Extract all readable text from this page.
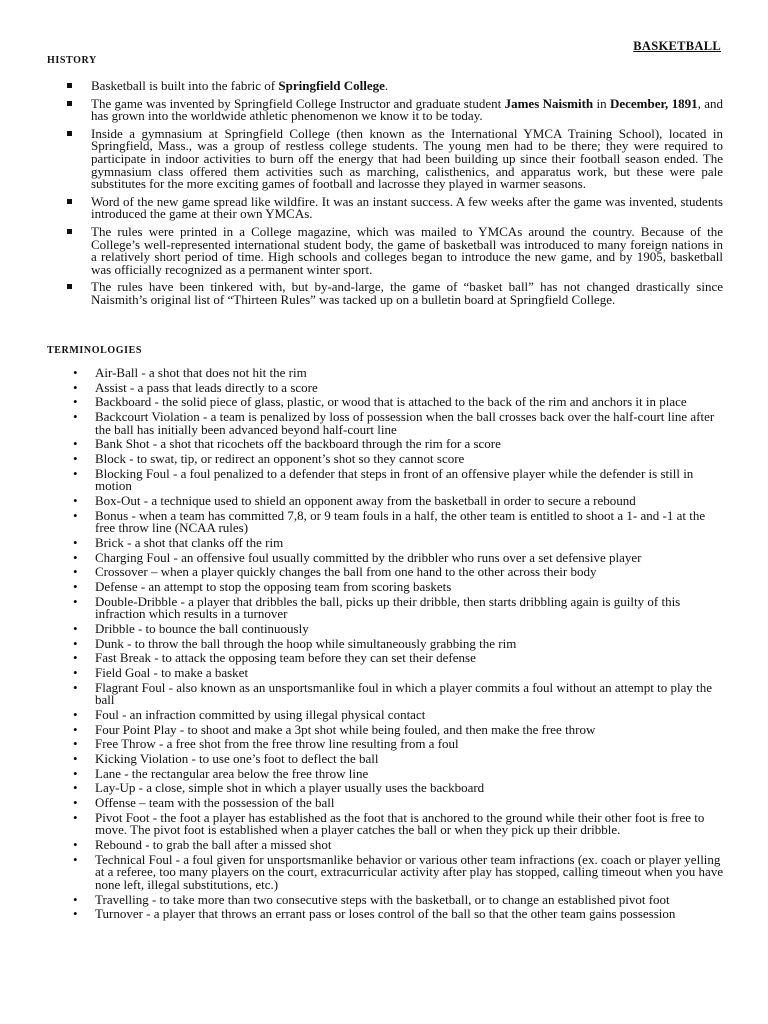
BASKETBALL
HISTORY
Basketball is built into the fabric of Springfield College.
The game was invented by Springfield College Instructor and graduate student James Naismith in December, 1891, and has grown into the worldwide athletic phenomenon we know it to be today.
Inside a gymnasium at Springfield College (then known as the International YMCA Training School), located in Springfield, Mass., was a group of restless college students. The young men had to be there; they were required to participate in indoor activities to burn off the energy that had been building up since their football season ended. The gymnasium class offered them activities such as marching, calisthenics, and apparatus work, but these were pale substitutes for the more exciting games of football and lacrosse they played in warmer seasons.
Word of the new game spread like wildfire. It was an instant success. A few weeks after the game was invented, students introduced the game at their own YMCAs.
The rules were printed in a College magazine, which was mailed to YMCAs around the country. Because of the College’s well-represented international student body, the game of basketball was introduced to many foreign nations in a relatively short period of time. High schools and colleges began to introduce the new game, and by 1905, basketball was officially recognized as a permanent winter sport.
The rules have been tinkered with, but by-and-large, the game of “basket ball” has not changed drastically since Naismith’s original list of “Thirteen Rules” was tacked up on a bulletin board at Springfield College.
TERMINOLOGIES
• Air-Ball - a shot that does not hit the rim
• Assist - a pass that leads directly to a score
• Backboard - the solid piece of glass, plastic, or wood that is attached to the back of the rim and anchors it in place
• Backcourt Violation - a team is penalized by loss of possession when the ball crosses back over the half-court line after the ball has initially been advanced beyond half-court line
• Bank Shot - a shot that ricochets off the backboard through the rim for a score
• Block - to swat, tip, or redirect an opponent’s shot so they cannot score
• Blocking Foul - a foul penalized to a defender that steps in front of an offensive player while the defender is still in motion
• Box-Out - a technique used to shield an opponent away from the basketball in order to secure a rebound
• Bonus - when a team has committed 7,8, or 9 team fouls in a half, the other team is entitled to shoot a 1- and -1 at the free throw line (NCAA rules)
• Brick - a shot that clanks off the rim
• Charging Foul - an offensive foul usually committed by the dribbler who runs over a set defensive player
• Crossover – when a player quickly changes the ball from one hand to the other across their body
• Defense - an attempt to stop the opposing team from scoring baskets
• Double-Dribble - a player that dribbles the ball, picks up their dribble, then starts dribbling again is guilty of this infraction which results in a turnover
• Dribble - to bounce the ball continuously
• Dunk - to throw the ball through the hoop while simultaneously grabbing the rim
• Fast Break - to attack the opposing team before they can set their defense
• Field Goal - to make a basket
• Flagrant Foul - also known as an unsportsmanlike foul in which a player commits a foul without an attempt to play the ball
• Foul - an infraction committed by using illegal physical contact
• Four Point Play - to shoot and make a 3pt shot while being fouled, and then make the free throw
• Free Throw - a free shot from the free throw line resulting from a foul
• Kicking Violation - to use one’s foot to deflect the ball
• Lane - the rectangular area below the free throw line
• Lay-Up - a close, simple shot in which a player usually uses the backboard
• Offense – team with the possession of the ball
• Pivot Foot - the foot a player has established as the foot that is anchored to the ground while their other foot is free to move. The pivot foot is established when a player catches the ball or when they pick up their dribble.
• Rebound - to grab the ball after a missed shot
• Technical Foul - a foul given for unsportsmanlike behavior or various other team infractions (ex. coach or player yelling at a referee, too many players on the court, extracurricular activity after play has stopped, calling timeout when you have none left, illegal substitutions, etc.)
• Travelling - to take more than two consecutive steps with the basketball, or to change an established pivot foot
• Turnover - a player that throws an errant pass or loses control of the ball so that the other team gains possession
